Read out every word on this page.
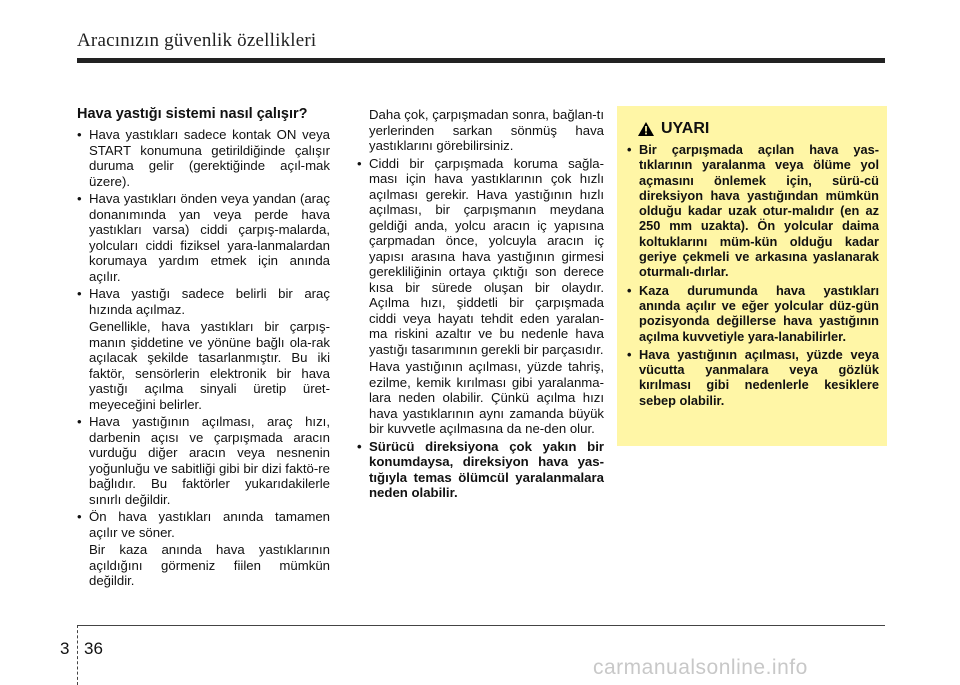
Aracınızın güvenlik özellikleri
Hava yastığı sistemi nasıl çalışır?
• Hava yastıkları sadece kontak ON veya START konumuna getirildiğinde çalışır duruma gelir (gerektiğinde açıl-mak üzere).
• Hava yastıkları önden veya yandan (araç donanımında yan veya perde hava yastıkları varsa) ciddi çarpış-malarda, yolcuları ciddi fiziksel yara-lanmalardan korumaya yardım etmek için anında açılır.
• Hava yastığı sadece belirli bir araç hızında açılmaz.
Genellikle, hava yastıkları bir çarpış-manın şiddetine ve yönüne bağlı ola-rak açılacak şekilde tasarlanmıştır. Bu iki faktör, sensörlerin elektronik bir hava yastığı açılma sinyali üretip üret-meyeceğini belirler.
• Hava yastığının açılması, araç hızı, darbenin açısı ve çarpışmada aracın vurduğu diğer aracın veya nesnenin yoğunluğu ve sabitliği gibi bir dizi faktö-re bağlıdır. Bu faktörler yukarıdakilerle sınırlı değildir.
• Ön hava yastıkları anında tamamen açılır ve söner.
Bir kaza anında hava yastıklarının açıldığını görmeniz fiilen mümkün değildir.
Daha çok, çarpışmadan sonra, bağlan-tı yerlerinden sarkan sönmüş hava yastıklarını görebilirsiniz.
• Ciddi bir çarpışmada koruma sağla-ması için hava yastıklarının çok hızlı açılması gerekir. Hava yastığının hızlı açılması, bir çarpışmanın meydana geldiği anda, yolcu aracın iç yapısına çarpmadan önce, yolcuyla aracın iç yapısı arasına hava yastığının girmesi gerekliliğinin ortaya çıktığı son derece kısa bir sürede oluşan bir olaydır. Açılma hızı, şiddetli bir çarpışmada ciddi veya hayatı tehdit eden yaralan-ma riskini azaltır ve bu nedenle hava yastığı tasarımının gerekli bir parçasıdır.
Hava yastığının açılması, yüzde tahriş, ezilme, kemik kırılması gibi yaralanma-lara neden olabilir. Çünkü açılma hızı hava yastıklarının aynı zamanda büyük bir kuvvetle açılmasına da ne-den olur.
• Sürücü direksiyona çok yakın bir konumdaysa, direksiyon hava yas-tığıyla temas ölümcül yaralanmalara neden olabilir.
UYARI
• Bir çarpışmada açılan hava yas-tıklarının yaralanma veya ölüme yol açmasını önlemek için, sürü-cü direksiyon hava yastığından mümkün olduğu kadar uzak otur-malıdır (en az 250 mm uzakta). Ön yolcular daima koltuklarını müm-kün olduğu kadar geriye çekmeli ve arkasına yaslanarak oturmalı-dırlar.
• Kaza durumunda hava yastıkları anında açılır ve eğer yolcular düz-gün pozisyonda değillerse hava yastığının açılma kuvvetiyle yara-lanabilirler.
• Hava yastığının açılması, yüzde veya vücutta yanmalara veya gözlük kırılması gibi nedenlerle kesiklere sebep olabilir.
3 36
carmanualsonline.info
